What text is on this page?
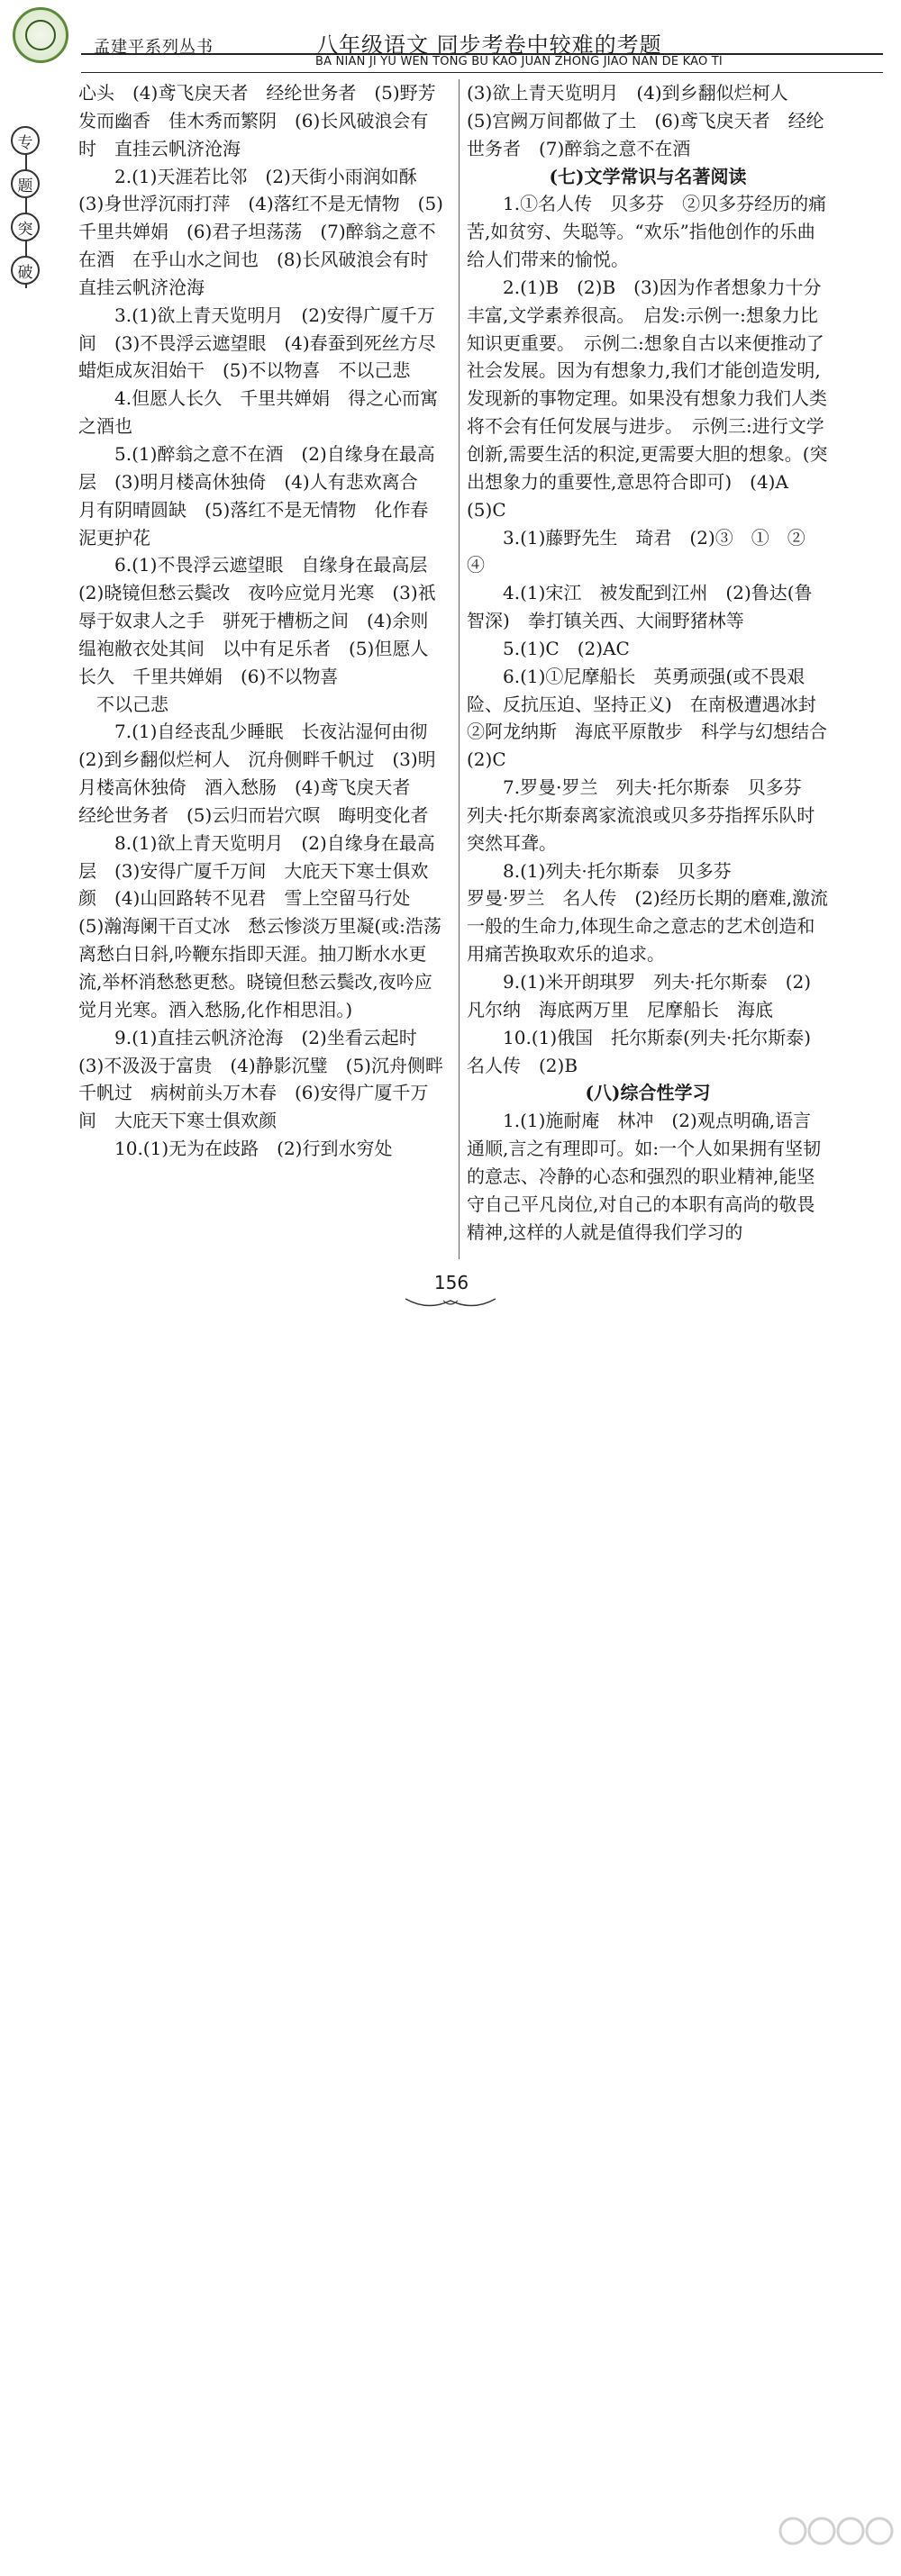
孟建平系列丛书	八年级语文 同步考卷中较难的考题
BA NIAN JI YU WEN TONG BU KAO JUAN ZHONG JIAO NAN DE KAO TI
专
题
突
破

心头　(4)鸢飞戾天者　经纶世务者　(5)野芳发而幽香　佳木秀而繁阴　(6)长风破浪会有时　直挂云帆济沧海

2.(1)天涯若比邻　(2)天街小雨润如酥　(3)身世浮沉雨打萍　(4)落红不是无情物　(5)千里共婵娟　(6)君子坦荡荡　(7)醉翁之意不在酒　在乎山水之间也　(8)长风破浪会有时　直挂云帆济沧海

3.(1)欲上青天览明月　(2)安得广厦千万间　(3)不畏浮云遮望眼　(4)春蚕到死丝方尽　蜡炬成灰泪始干　(5)不以物喜　不以己悲

4.但愿人长久　千里共婵娟　得之心而寓之酒也

5.(1)醉翁之意不在酒　(2)自缘身在最高层　(3)明月楼高休独倚　(4)人有悲欢离合　月有阴晴圆缺　(5)落红不是无情物　化作春泥更护花

6.(1)不畏浮云遮望眼　自缘身在最高层　(2)晓镜但愁云鬓改　夜吟应觉月光寒　(3)祇辱于奴隶人之手　骈死于槽枥之间　(4)余则缊袍敝衣处其间　以中有足乐者　(5)但愿人长久　千里共婵娟　(6)不以物喜

不以己悲

7.(1)自经丧乱少睡眠　长夜沾湿何由彻　(2)到乡翻似烂柯人　沉舟侧畔千帆过　(3)明月楼高休独倚　酒入愁肠　(4)鸢飞戾天者　经纶世务者　(5)云归而岩穴暝　晦明变化者

8.(1)欲上青天览明月　(2)自缘身在最高层　(3)安得广厦千万间　大庇天下寒士俱欢颜　(4)山回路转不见君　雪上空留马行处　(5)瀚海阑干百丈冰　愁云惨淡万里凝(或:浩荡离愁白日斜,吟鞭东指即天涯。抽刀断水水更流,举杯消愁愁更愁。晓镜但愁云鬓改,夜吟应觉月光寒。酒入愁肠,化作相思泪。)

9.(1)直挂云帆济沧海　(2)坐看云起时　(3)不汲汲于富贵　(4)静影沉璧　(5)沉舟侧畔千帆过　病树前头万木春　(6)安得广厦千万间　大庇天下寒士俱欢颜

10.(1)无为在歧路　(2)行到水穷处

(3)欲上青天览明月　(4)到乡翻似烂柯人　(5)宫阙万间都做了土　(6)鸢飞戾天者　经纶世务者　(7)醉翁之意不在酒

(七)文学常识与名著阅读

1.①名人传　贝多芬　②贝多芬经历的痛苦,如贫穷、失聪等。“欢乐”指他创作的乐曲给人们带来的愉悦。

2.(1)B　(2)B　(3)因为作者想象力十分丰富,文学素养很高。　启发:示例一:想象力比知识更重要。　示例二:想象自古以来便推动了社会发展。因为有想象力,我们才能创造发明,发现新的事物定理。如果没有想象力我们人类将不会有任何发展与进步。　示例三:进行文学创新,需要生活的积淀,更需要大胆的想象。(突出想象力的重要性,意思符合即可)　(4)A　(5)C

3.(1)藤野先生　琦君　(2)③　①　②　④

4.(1)宋江　被发配到江州　(2)鲁达(鲁智深)　拳打镇关西、大闹野猪林等

5.(1)C　(2)AC

6.(1)①尼摩船长　英勇顽强(或不畏艰险、反抗压迫、坚持正义)　在南极遭遇冰封　②阿龙纳斯　海底平原散步　科学与幻想结合　(2)C

7.罗曼·罗兰　列夫·托尔斯泰　贝多芬　列夫·托尔斯泰离家流浪或贝多芬指挥乐队时突然耳聋。

8.(1)列夫·托尔斯泰　贝多芬

罗曼·罗兰　名人传　(2)经历长期的磨难,激流一般的生命力,体现生命之意志的艺术创造和用痛苦换取欢乐的追求。

9.(1)米开朗琪罗　列夫·托尔斯泰　(2)凡尔纳　海底两万里　尼摩船长　海底

10.(1)俄国　托尔斯泰(列夫·托尔斯泰)　名人传　(2)B

(八)综合性学习

1.(1)施耐庵　林冲　(2)观点明确,语言通顺,言之有理即可。如:一个人如果拥有坚韧的意志、冷静的心态和强烈的职业精神,能坚守自己平凡岗位,对自己的本职有高尚的敬畏精神,这样的人就是值得我们学习的

156
